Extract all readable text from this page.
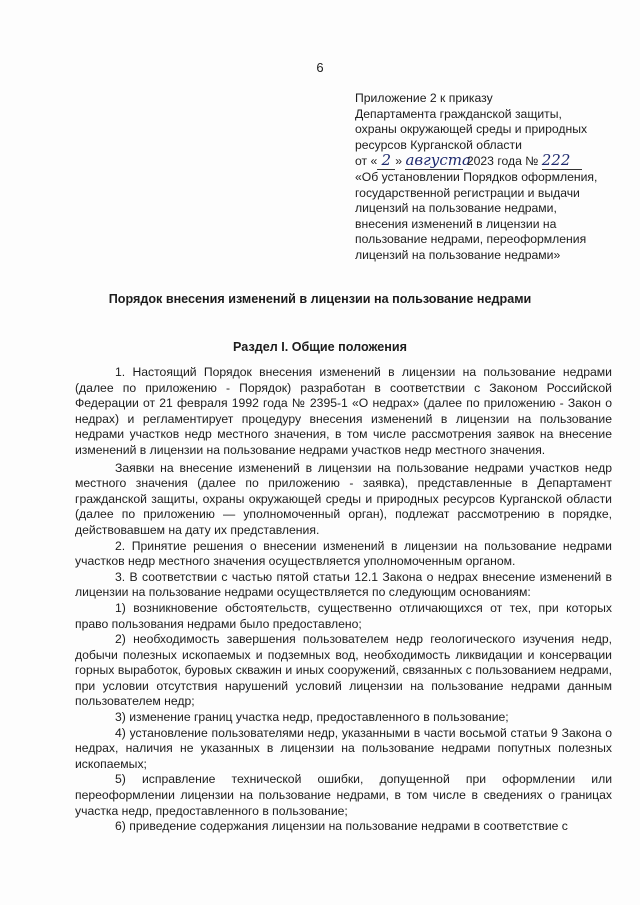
6
Приложение 2 к приказу
Департамента гражданской защиты,
охраны окружающей среды и природных
ресурсов Курганской области
от « 2 » августа 2023 года № 222
«Об установлении Порядков оформления,
государственной регистрации и выдачи
лицензий на пользование недрами,
внесения изменений в лицензии на
пользование недрами, переоформления
лицензий на пользование недрами»
Порядок внесения изменений в лицензии на пользование недрами
Раздел I. Общие положения

1. Настоящий Порядок внесения изменений в лицензии на пользование недрами (далее по приложению - Порядок) разработан в соответствии с Законом Российской Федерации от 21 февраля 1992 года № 2395-1 «О недрах» (далее по приложению - Закон о недрах) и регламентирует процедуру внесения изменений в лицензии на пользование недрами участков недр местного значения, в том числе рассмотрения заявок на внесение изменений в лицензии на пользование недрами участков недр местного значения.

Заявки на внесение изменений в лицензии на пользование недрами участков недр местного значения (далее по приложению - заявка), представленные в Департамент гражданской защиты, охраны окружающей среды и природных ресурсов Курганской области (далее по приложению — уполномоченный орган), подлежат рассмотрению в порядке, действовавшем на дату их представления.

2. Принятие решения о внесении изменений в лицензии на пользование недрами участков недр местного значения осуществляется уполномоченным органом.

3. В соответствии с частью пятой статьи 12.1 Закона о недрах внесение изменений в лицензии на пользование недрами осуществляется по следующим основаниям:

1) возникновение обстоятельств, существенно отличающихся от тех, при которых право пользования недрами было предоставлено;

2) необходимость завершения пользователем недр геологического изучения недр, добычи полезных ископаемых и подземных вод, необходимость ликвидации и консервации горных выработок, буровых скважин и иных сооружений, связанных с пользованием недрами, при условии отсутствия нарушений условий лицензии на пользование недрами данным пользователем недр;

3) изменение границ участка недр, предоставленного в пользование;

4) установление пользователями недр, указанными в части восьмой статьи 9 Закона о недрах, наличия не указанных в лицензии на пользование недрами попутных полезных ископаемых;

5) исправление технической ошибки, допущенной при оформлении или переоформлении лицензии на пользование недрами, в том числе в сведениях о границах участка недр, предоставленного в пользование;

6) приведение содержания лицензии на пользование недрами в соответствие с
